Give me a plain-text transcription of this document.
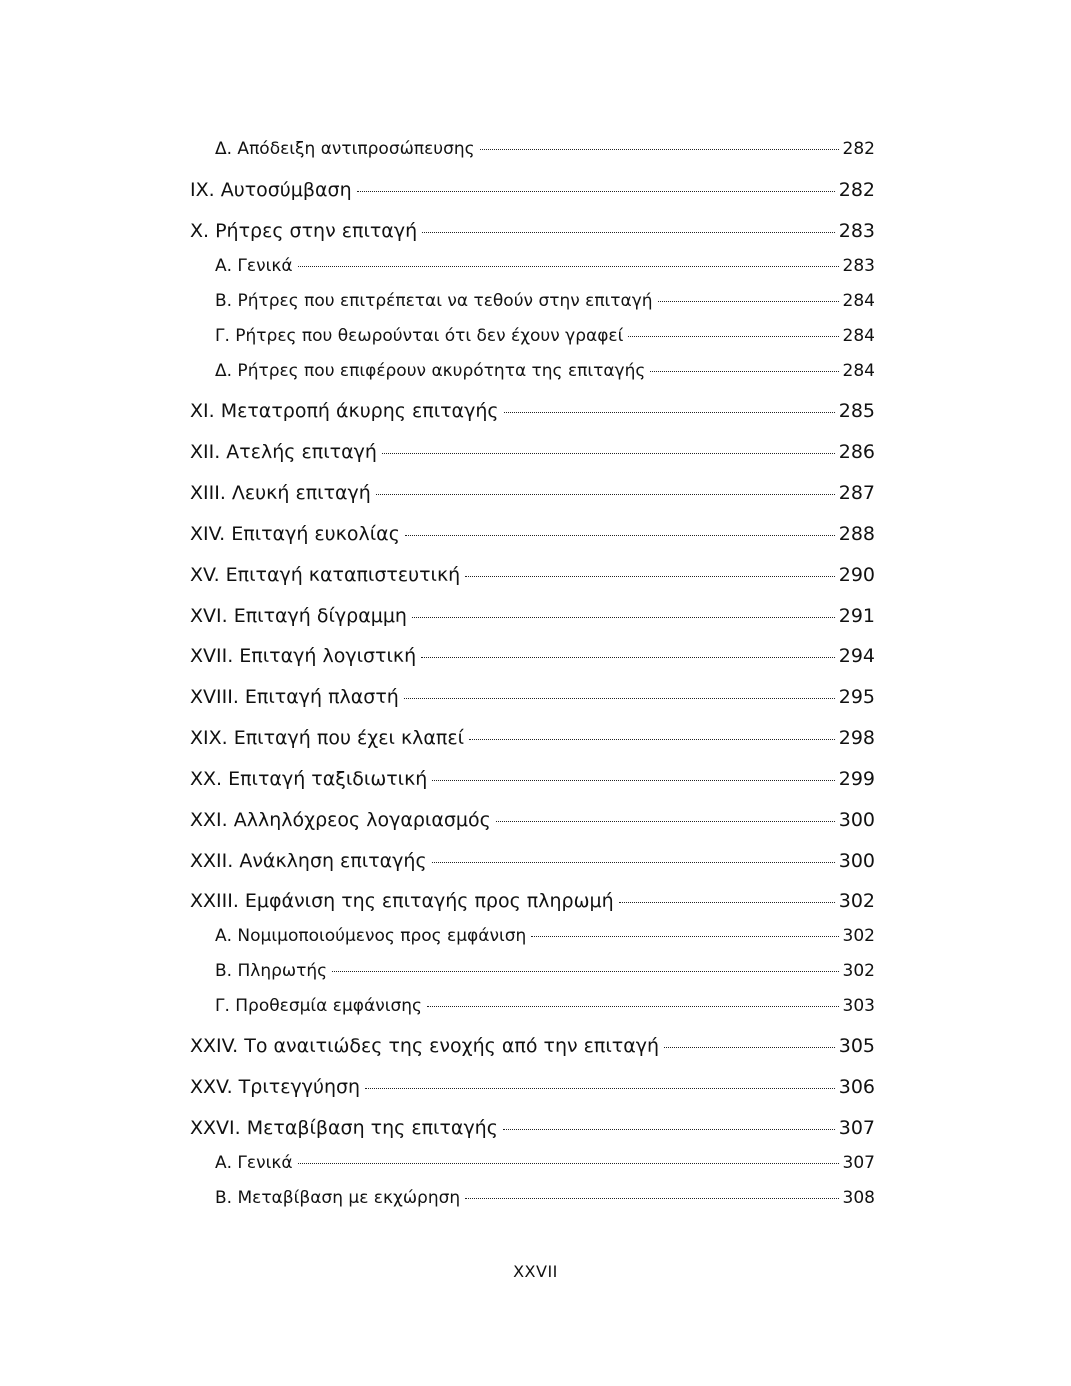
Δ. Απόδειξη αντιπροσώπευσης	282
IX. Αυτοσύμβαση	282
X. Ρήτρες στην επιταγή	283
Α. Γενικά	283
Β. Ρήτρες που επιτρέπεται να τεθούν στην επιταγή	284
Γ. Ρήτρες που θεωρούνται ότι δεν έχουν γραφεί	284
Δ. Ρήτρες που επιφέρουν ακυρότητα της επιταγής	284
XI. Μετατροπή άκυρης επιταγής	285
XII. Ατελής επιταγή	286
XIII. Λευκή επιταγή	287
XIV. Επιταγή ευκολίας	288
XV. Επιταγή καταπιστευτική	290
XVI. Επιταγή δίγραμμη	291
XVII. Επιταγή λογιστική	294
XVIII. Επιταγή πλαστή	295
XIX. Επιταγή που έχει κλαπεί	298
XX. Επιταγή ταξιδιωτική	299
XXI. Αλληλόχρεος λογαριασμός	300
XXII. Ανάκληση επιταγής	300
XXIII. Εμφάνιση της επιταγής προς πληρωμή	302
Α. Νομιμοποιούμενος προς εμφάνιση	302
Β. Πληρωτής	302
Γ. Προθεσμία εμφάνισης	303
XXIV. Το αναιτιώδες της ενοχής από την επιταγή	305
XXV. Τριτεγγύηση	306
XXVI. Μεταβίβαση της επιταγής	307
Α. Γενικά	307
Β. Μεταβίβαση με εκχώρηση	308
XXVII
